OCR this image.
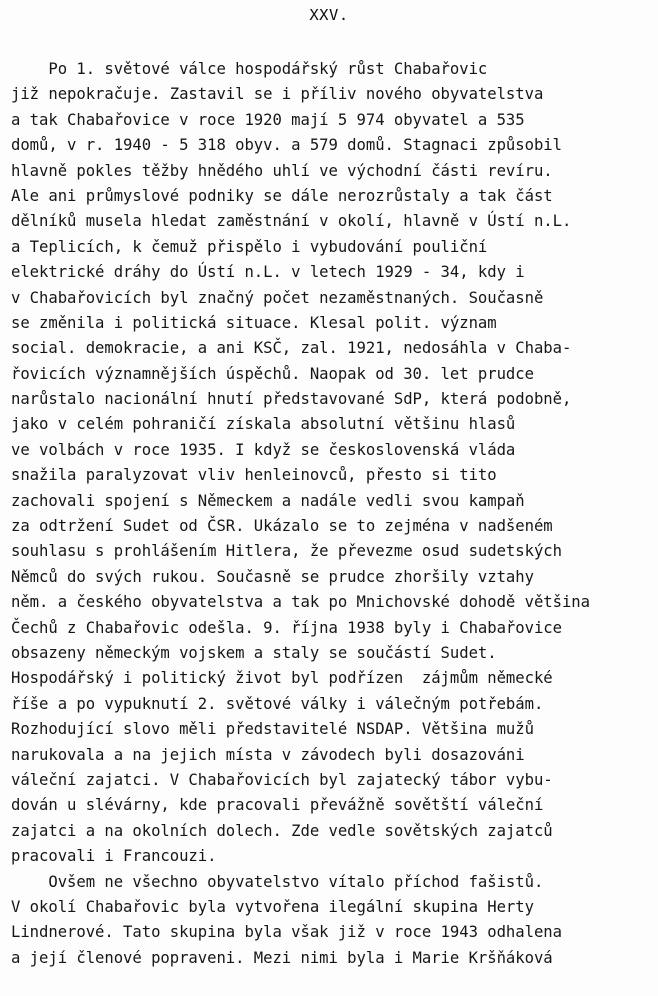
XXV.
Po 1. světové válce hospodářský růst Chabařovic
již nepokračuje. Zastavil se i příliv nového obyvatelstva
a tak Chabařovice v roce 1920 mají 5 974 obyvatel a 535
domů, v r. 1940 - 5 318 obyv. a 579 domů. Stagnaci způsobil
hlavně pokles těžby hnědého uhlí ve východní části revíru.
Ale ani průmyslové podniky se dále nerozrůstaly a tak část
dělníků musela hledat zaměstnání v okolí, hlavně v Ústí n.L.
a Teplicích, k čemuž přispělo i vybudování pouliční
elektrické dráhy do Ústí n.L. v letech 1929 - 34, kdy i
v Chabařovicích byl značný počet nezaměstnaných. Současně
se změnila i politická situace. Klesal polit. význam
social. demokracie, a ani KSČ, zal. 1921, nedosáhla v Chaba-
řovicích významnějších úspěchů. Naopak od 30. let prudce
narůstalo nacionální hnutí představované SdP, která podobně,
jako v celém pohraničí získala absolutní většinu hlasů
ve volbách v roce 1935. I když se československá vláda
snažila paralyzovat vliv henleinovců, přesto si tito
zachovali spojení s Německem a nadále vedli svou kampaň
za odtržení Sudet od ČSR. Ukázalo se to zejména v nadšeném
souhlasu s prohlášením Hitlera, že převezme osud sudetských
Němců do svých rukou. Současně se prudce zhoršily vztahy
něm. a českého obyvatelstva a tak po Mnichovské dohodě většina
Čechů z Chabařovic odešla. 9. října 1938 byly i Chabařovice
obsazeny německým vojskem a staly se součástí Sudet.
Hospodářský i politický život byl podřízen  zájmům německé
říše a po vypuknutí 2. světové války i válečným potřebám.
Rozhodující slovo měli představitelé NSDAP. Většina mužů
narukovala a na jejich místa v závodech byli dosazováni
váleční zajatci. V Chabařovicích byl zajatecký tábor vybu-
dován u slévárny, kde pracovali převážně sovětští váleční
zajatci a na okolních dolech. Zde vedle sovětských zajatců
pracovali i Francouzi.
Ovšem ne všechno obyvatelstvo vítalo příchod fašistů.
V okolí Chabařovic byla vytvořena ilegální skupina Herty
Lindnerové. Tato skupina byla však již v roce 1943 odhalena
a její členové popraveni. Mezi nimi byla i Marie Kršňáková
